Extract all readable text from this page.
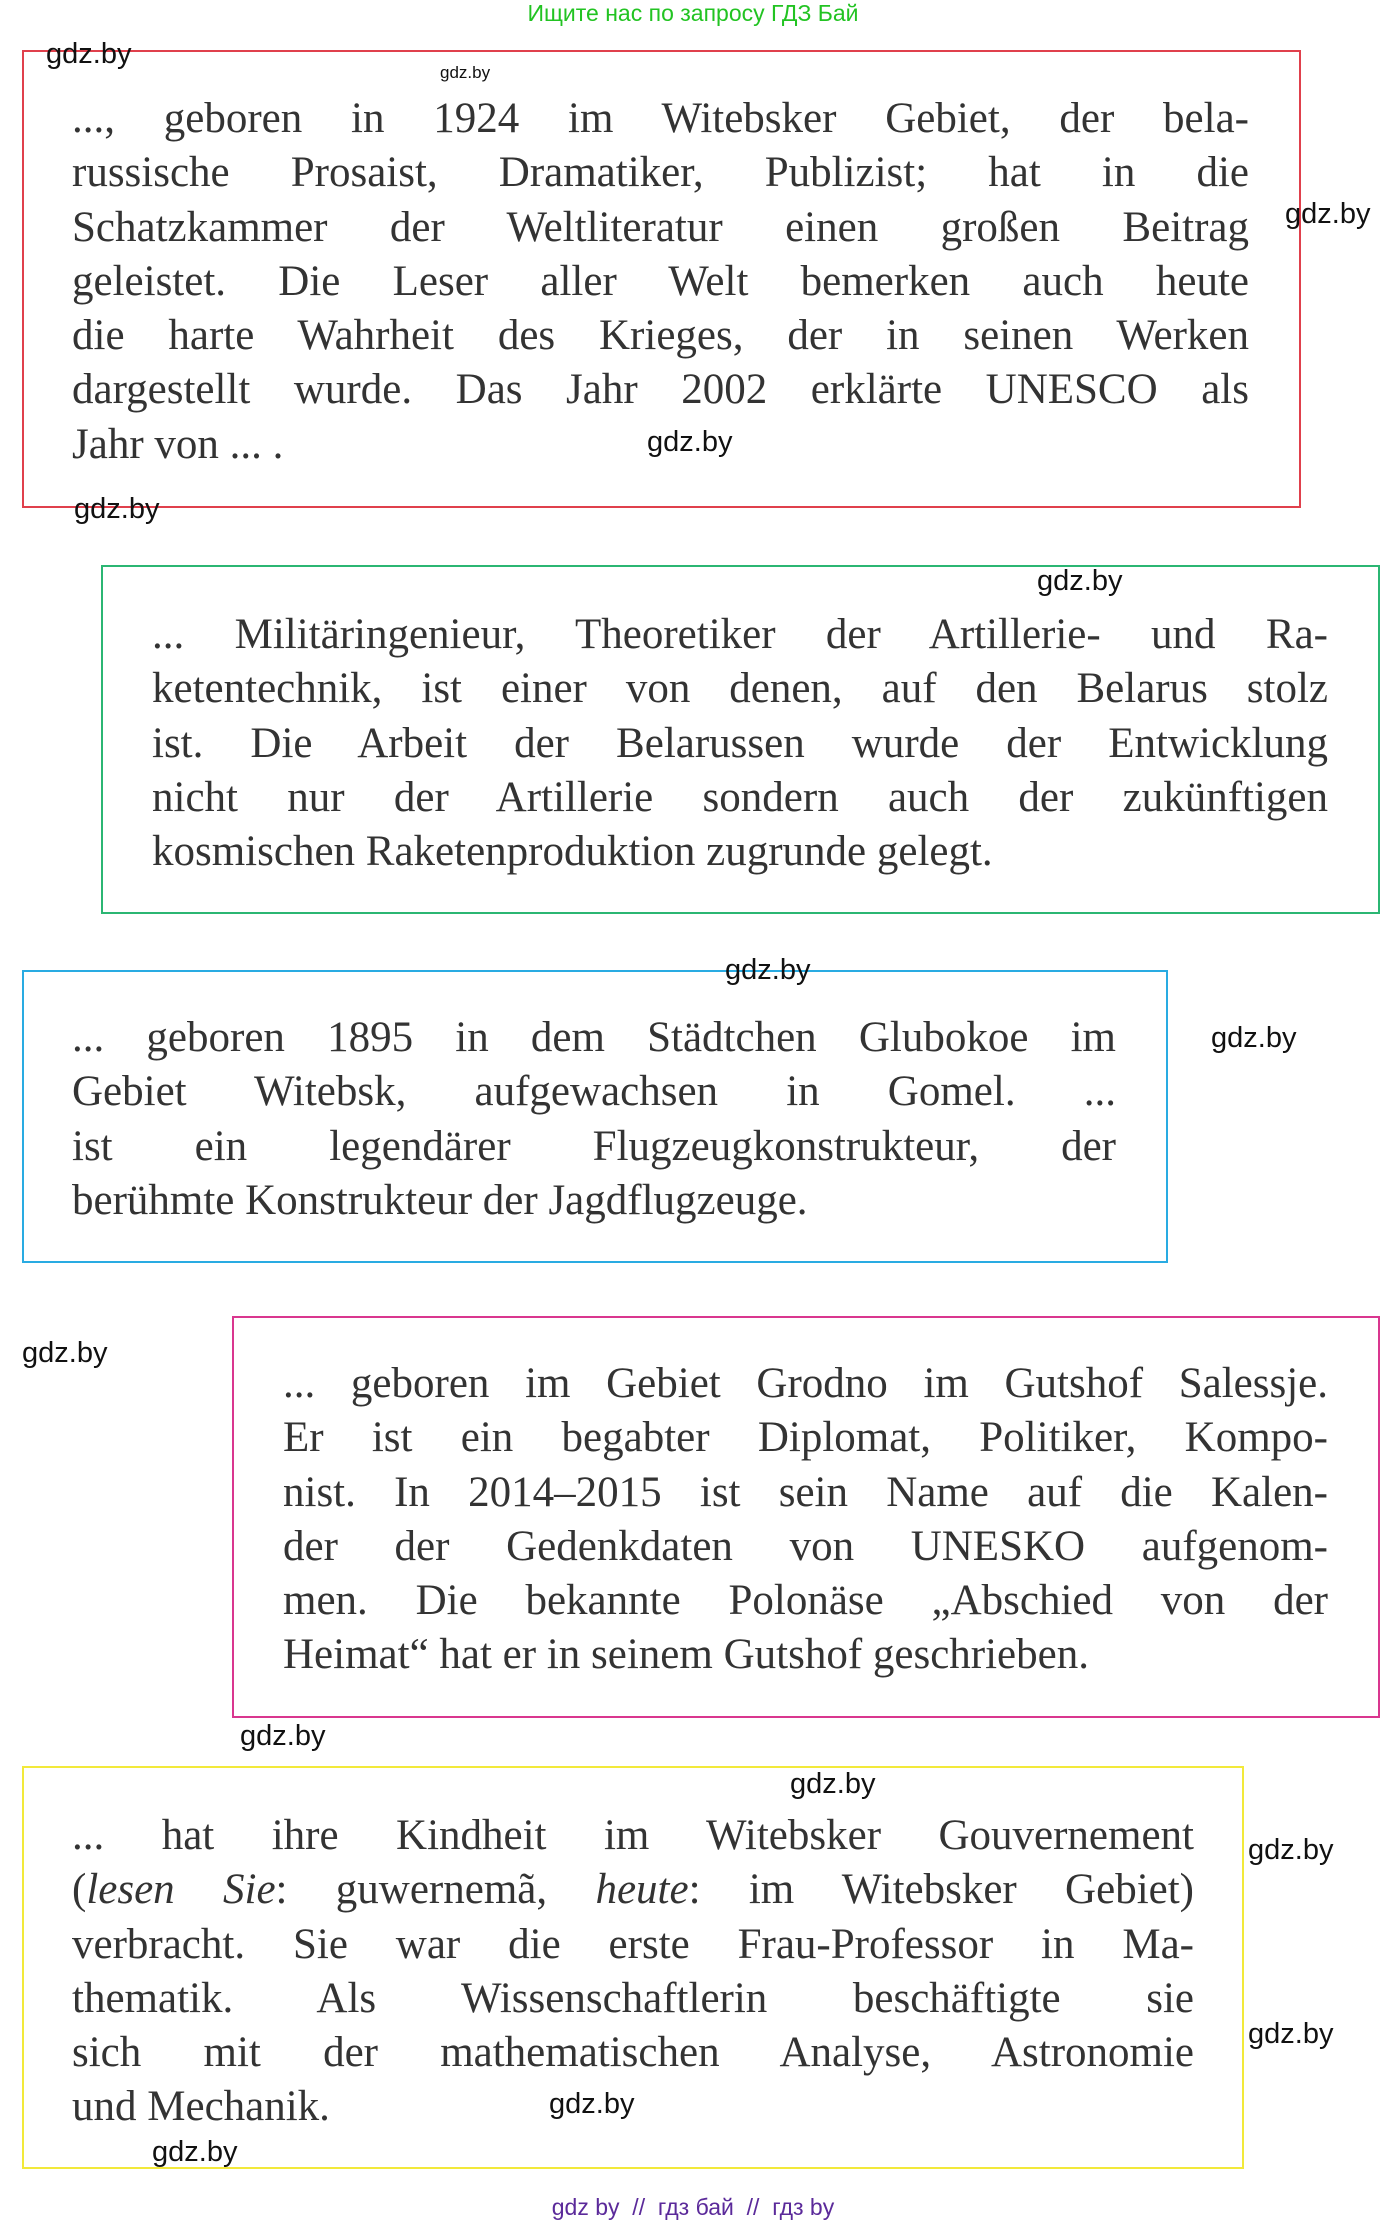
Ищите нас по запросу ГДЗ Бай
..., geboren in 1924 im Witebsker Gebiet, der bela-
russische Prosaist, Dramatiker, Publizist; hat in die
Schatzkammer der Weltliteratur einen großen Beitrag
geleistet. Die Leser aller Welt bemerken auch heute
die harte Wahrheit des Krieges, der in seinen Werken
dargestellt wurde. Das Jahr 2002 erklärte UNESCO als
Jahr von ... .
... Militäringenieur, Theoretiker der Artillerie- und Ra-
ketentechnik, ist einer von denen, auf den Belarus stolz
ist. Die Arbeit der Belarussen wurde der Entwicklung
nicht nur der Artillerie sondern auch der zukünftigen
kosmischen Raketenproduktion zugrunde gelegt.
... geboren 1895 in dem Städtchen Glubokoe im
Gebiet Witebsk, aufgewachsen in Gomel. ...
ist ein legendärer Flugzeugkonstrukteur, der
berühmte Konstrukteur der Jagdflugzeuge.
... geboren im Gebiet Grodno im Gutshof Salessje.
Er ist ein begabter Diplomat, Politiker, Kompo-
nist. In 2014–2015 ist sein Name auf die Kalen-
der der Gedenkdaten von UNESKO aufgenom-
men. Die bekannte Polonäse „Abschied von der
Heimat“ hat er in seinem Gutshof geschrieben.
... hat ihre Kindheit im Witebsker Gouvernement
(lesen Sie: guwernemã, heute: im Witebsker Gebiet)
verbracht. Sie war die erste Frau-Professor in Ma-
thematik. Als Wissenschaftlerin beschäftigte sie
sich mit der mathematischen Analyse, Astronomie
und Mechanik.
gdz.by
gdz.by
gdz.by
gdz.by
gdz.by
gdz.by
gdz.by
gdz.by
gdz.by
gdz.by
gdz.by
gdz.by
gdz.by
gdz.by
gdz.by
gdz by  //  гдз бай  //  гдз by
